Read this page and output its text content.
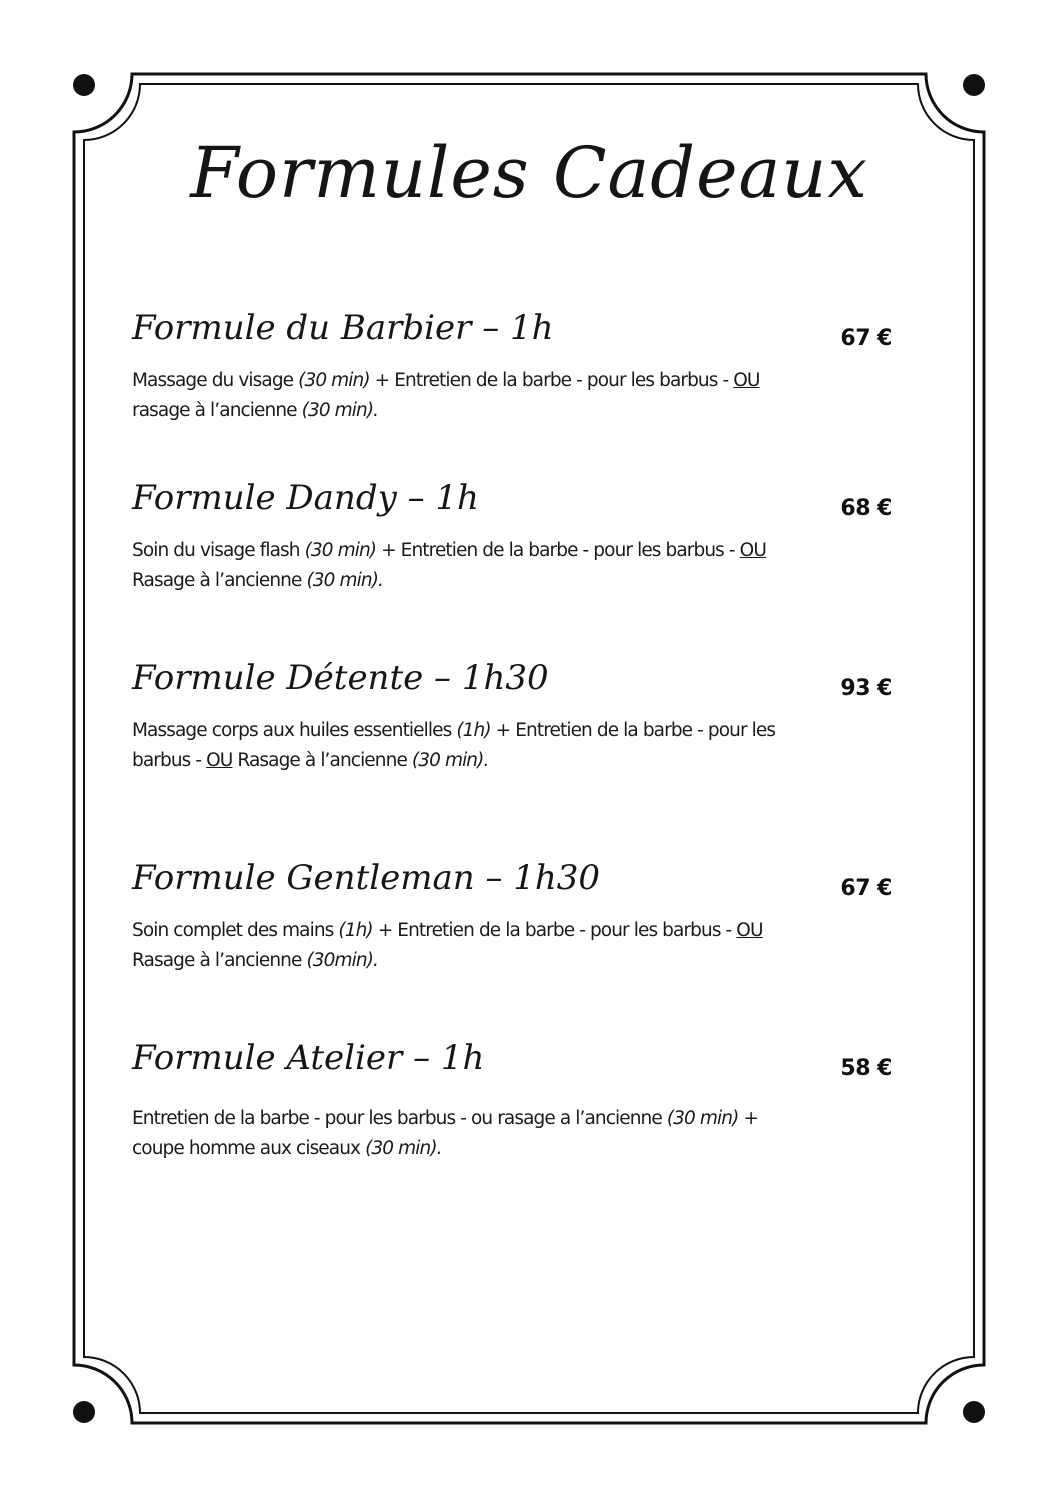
Formules Cadeaux
Formule du Barbier – 1h	67 €
Massage du visage (30 min) + Entretien de la barbe - pour les barbus - OU rasage à l’ancienne (30 min).
Formule Dandy – 1h	68 €
Soin du visage flash (30 min) + Entretien de la barbe - pour les barbus - OU Rasage à l’ancienne (30 min).
Formule Détente – 1h30	93 €
Massage corps aux huiles essentielles (1h) + Entretien de la barbe - pour les barbus - OU Rasage à l’ancienne (30 min).
Formule Gentleman – 1h30	67 €
Soin complet des mains (1h) + Entretien de la barbe - pour les barbus - OU Rasage à l’ancienne (30min).
Formule Atelier – 1h	58 €
Entretien de la barbe - pour les barbus - ou rasage a l’ancienne (30 min) + coupe homme aux ciseaux (30 min).
